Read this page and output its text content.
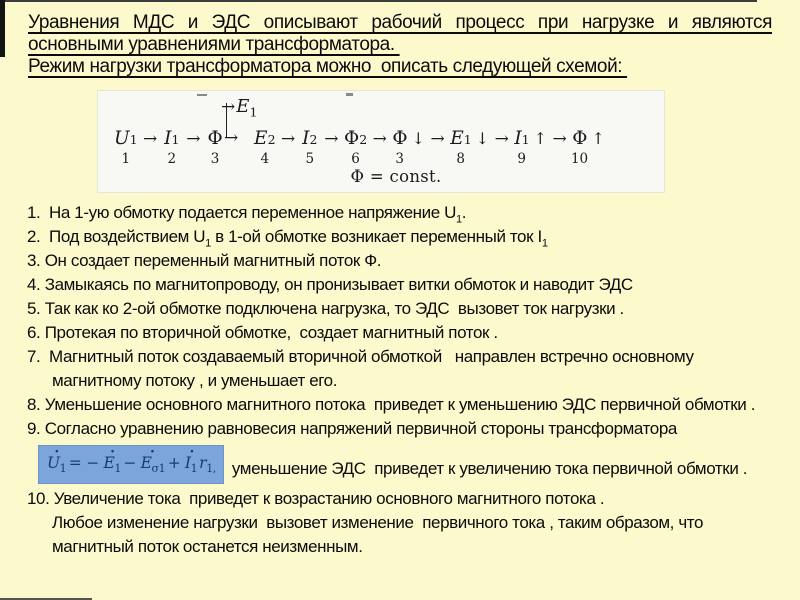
Уравнения МДС и ЭДС описывают рабочий процесс при нагрузке и являются
основными уравнениями трансформатора.
Режим нагрузки трансформатора можно  описать следующей схемой:
U 1
1
→ I 1
2
→ Φ
3
$\to E_1$
→ E 2
4
→ I 2
5
→ Φ 2
6
→ Φ ↓
3
→ E 1 ↓
8
→ I 1 ↑
9
→ Φ ↑
10
Φ = const.
1.  На 1-ую обмотку подается переменное напряжение $U_1$.
2.  Под воздействием $U_1$ в 1-ой обмотке возникает переменный ток $I_1$
3. Он создает переменный магнитный поток Ф.
4. Замыкаясь по магнитопроводу, он пронизывает витки обмоток и наводит ЭДС
5. Так как ко 2-ой обмотке подключена нагрузка, то ЭДС  вызовет ток нагрузки .
6. Протекая по вторичной обмотке,  создает магнитный поток .
7.  Магнитный поток создаваемый вторичной обмоткой   направлен встречно основному магнитному потоку , и уменьшает его.
8. Уменьшение основного магнитного потока  приведет к уменьшению ЭДС первичной обмотки .
9. Согласно уравнению равновесия напряжений первичной стороны трансформатора
· $U_1$ = − · $E_1$ − · $E_{\sigma 1}$ + · $I_1$ $r_{1,}$ уменьшение ЭДС  приведет к увеличению тока первичной обмотки .
10. Увеличение тока  приведет к возрастанию основного магнитного потока .
Любое изменение нагрузки  вызовет изменение  первичного тока , таким образом, что магнитный поток останется неизменным.
